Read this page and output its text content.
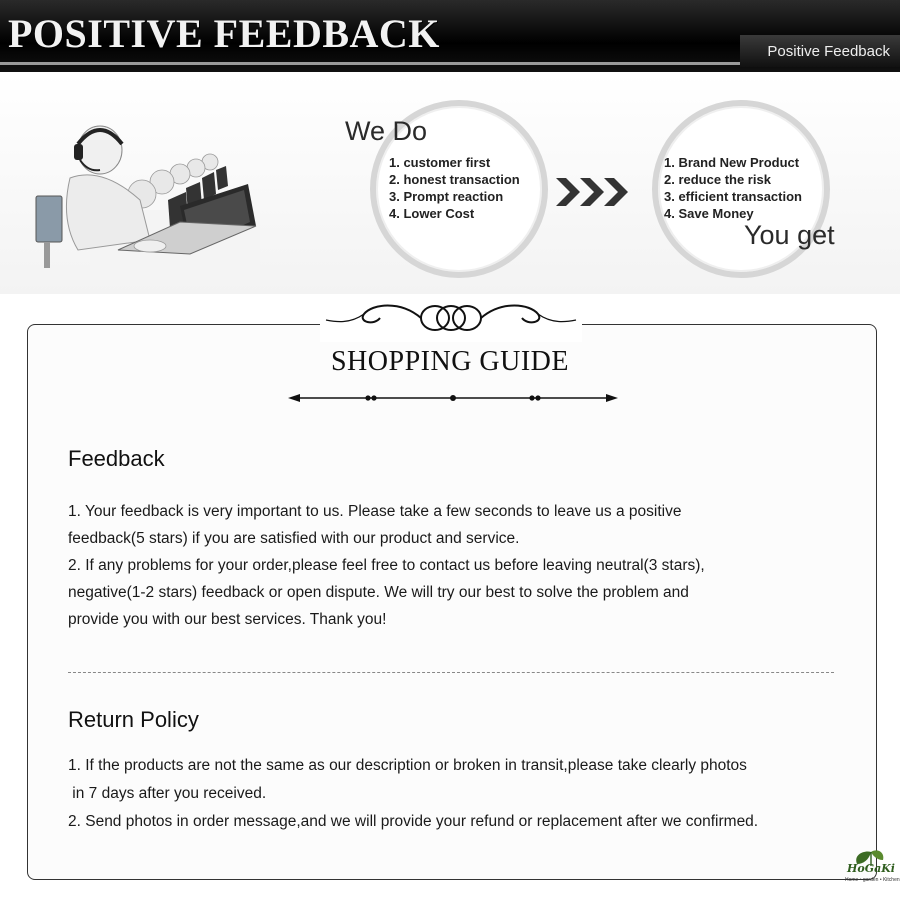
POSITIVE FEEDBACK	Positive Feedback
We Do
1. customer first
2. honest transaction
3. Prompt reaction
4. Lower Cost
1. Brand New Product
2. reduce the risk
3. efficient transaction
4. Save Money
You get
SHOPPING GUIDE
Feedback

1. Your feedback is very important to us. Please take a few seconds to leave us a positive

feedback(5 stars) if you are satisfied with our product and service.

2. If any problems for your order,please feel free to contact us before leaving neutral(3 stars),

negative(1-2 stars) feedback or open dispute. We will try our best to solve the problem and

provide you with our best services. Thank you!

Return Policy

1. If the products are not the same as our description or broken in transit,please take clearly photos

in 7 days after you received.

2. Send photos in order message,and we will provide your refund or replacement after we confirmed.

HoGaKi
Home • garden • Kitchen
